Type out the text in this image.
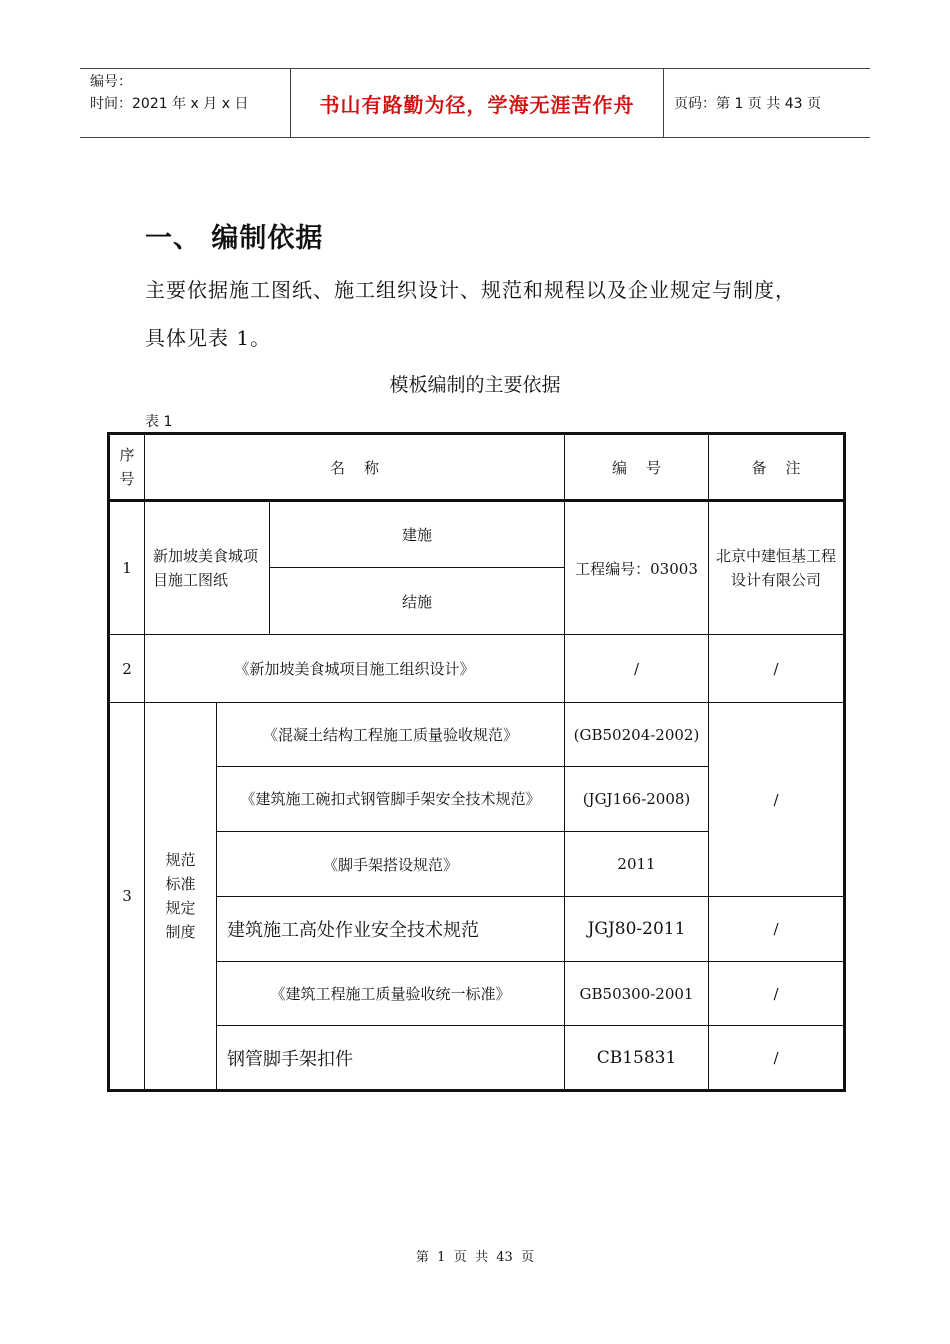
编号：
时间：2021 年 x 月 x 日	书山有路勤为径，学海无涯苦作舟	页码：第 1 页 共 43 页
一、 编制依据
主要依据施工图纸、施工组织设计、规范和规程以及企业规定与制度，具体见表 1。
模板编制的主要依据
表 1
序号	名    称			编    号	备    注
1	新加坡美食城项目施工图纸		建施	工程编号：03003	北京中建恒基工程设计有限公司
			结施		
2	《新加坡美食城项目施工组织设计》			/	/
3	规范标准规定制度	《混凝土结构工程施工质量验收规范》		(GB50204-2002)	/
		《建筑施工碗扣式钢管脚手架安全技术规范》		(JGJ166-2008)	
		《脚手架搭设规范》		2011	
		建筑施工高处作业安全技术规范		JGJ80-2011	/
		《建筑工程施工质量验收统一标准》		GB50300-2001	/
		钢管脚手架扣件		CB15831	/
第  1  页  共  43  页
